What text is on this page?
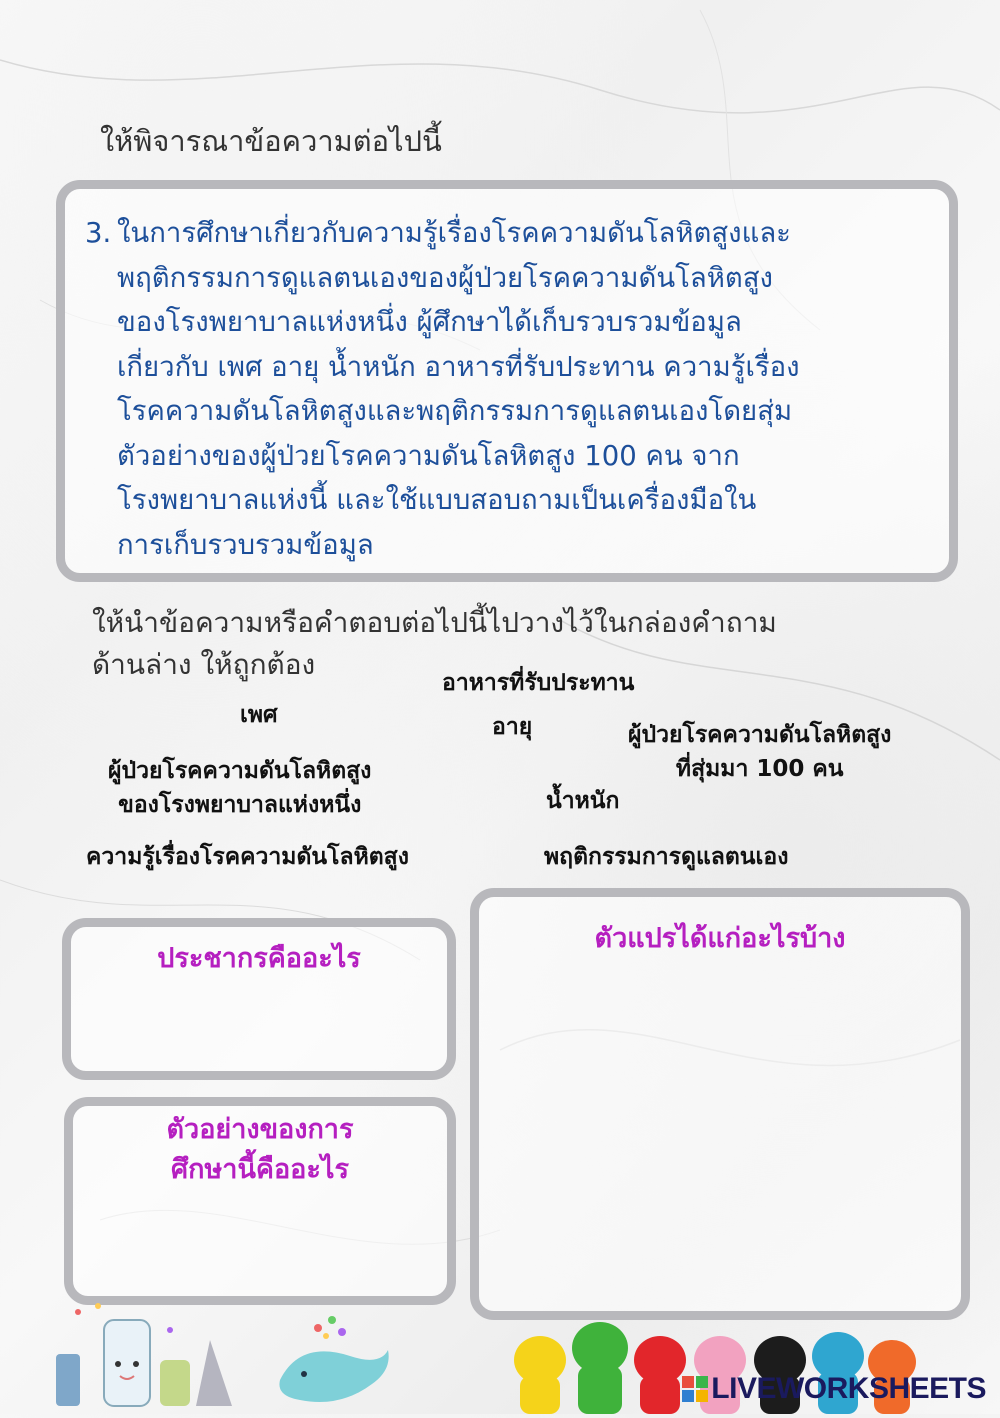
ให้พิจารณาข้อความต่อไปนี้
3. ในการศึกษาเกี่ยวกับความรู้เรื่องโรคความดันโลหิตสูงและ
พฤติกรรมการดูแลตนเองของผู้ป่วยโรคความดันโลหิตสูง
ของโรงพยาบาลแห่งหนึ่ง ผู้ศึกษาได้เก็บรวบรวมข้อมูล
เกี่ยวกับ เพศ อายุ น้ำหนัก อาหารที่รับประทาน ความรู้เรื่อง
โรคความดันโลหิตสูงและพฤติกรรมการดูแลตนเองโดยสุ่ม
ตัวอย่างของผู้ป่วยโรคความดันโลหิตสูง 100 คน จาก
โรงพยาบาลแห่งนี้ และใช้แบบสอบถามเป็นเครื่องมือใน
การเก็บรวบรวมข้อมูล
ให้นำข้อความหรือคำตอบต่อไปนี้ไปวางไว้ในกล่องคำถาม
ด้านล่าง ให้ถูกต้อง
อาหารที่รับประทาน
เพศ	อายุ	ผู้ป่วยโรคความดันโลหิตสูง
ที่สุ่มมา 100 คน
ผู้ป่วยโรคความดันโลหิตสูง
ของโรงพยาบาลแห่งหนึ่ง	น้ำหนัก
ความรู้เรื่องโรคความดันโลหิตสูง	พฤติกรรมการดูแลตนเอง
ประชากรคืออะไร
ตัวอย่างของการ
ศึกษานี้คืออะไร
ตัวแปรได้แก่อะไรบ้าง
LIVEWORKSHEETS
